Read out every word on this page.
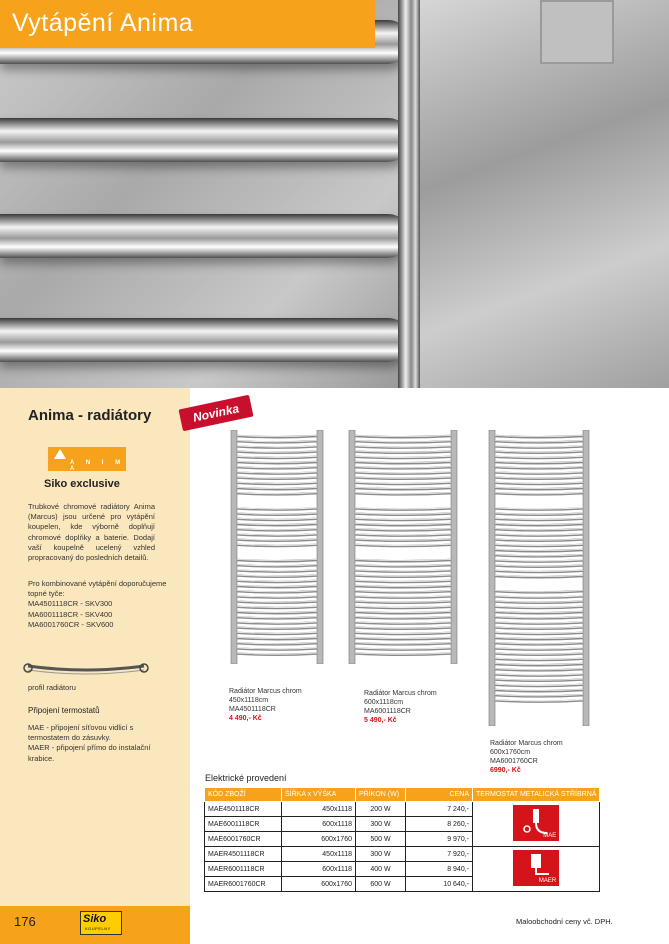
Vytápění Anima
Anima - radiátory	Novinka
A N I M A
Siko exclusive
Trubkové chromové radiátory Anima (Marcus) jsou určené pro vytápění koupelen, kde výborně doplňují chromové doplňky a baterie. Dodají vaší koupelně ucelený vzhled propracovaný do posledních detailů.
Pro kombinované vytápění doporučujeme topné tyče:
MA4501118CR - SKV300
MA6001118CR - SKV400
MA6001760CR - SKV600
profil radiátoru
Připojení termostatů
MAE - připojení síťovou vidlicí s termostatem do zásuvky.
MAER - připojení přímo do instalační krabice.
Radiátor Marcus chrom
450x1118cm
MA4501118CR
4 490,- Kč
Radiátor Marcus chrom
600x1118cm
MA6001118CR
5 490,- Kč
Radiátor Marcus chrom
600x1760cm
MA6001760CR
6990,- Kč
Elektrické provedení
KÓD ZBOŽÍ	ŠÍŘKA x VÝŠKA	PŘÍKON (W)	CENA	TERMOSTAT METALICKÁ STŘÍBRNÁ
MAE4501118CR	450x1118	200 W	7 240,-	MAE

MAE6001118CR	600x1118	300 W	8 260,-	
MAE6001760CR	600x1760	500 W	9 970,-	
MAER4501118CR	450x1118	300 W	7 920,-	MAER

MAER6001118CR	600x1118	400 W	8 940,-	
MAER6001760CR	600x1760	600 W	10 640,-	
176	Siko
KOUPELNY
Maloobchodní ceny vč. DPH.
